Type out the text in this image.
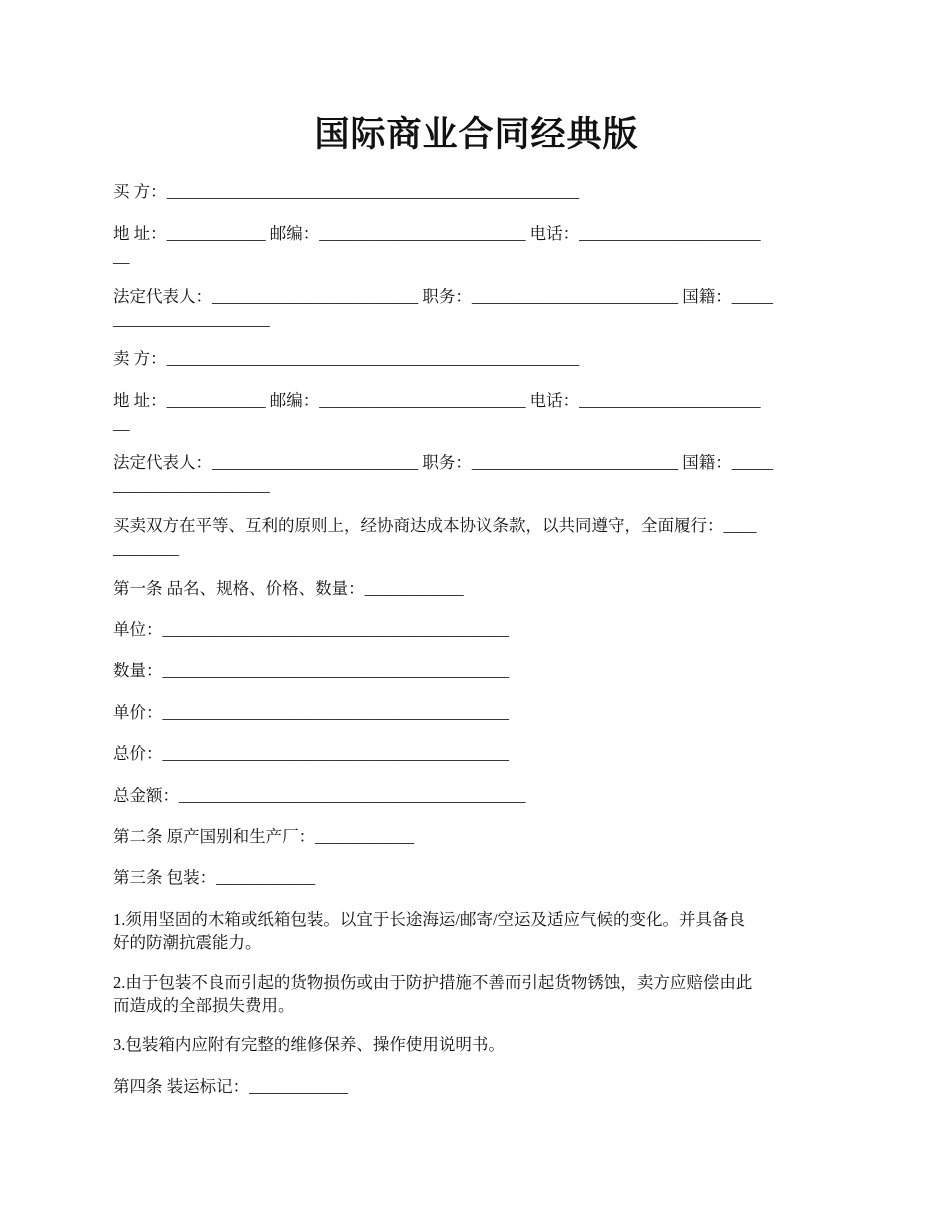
国际商业合同经典版

买 方：__________________________________________________

地 址：____________ 邮编：_________________________ 电话：______________________
__

法定代表人：_________________________ 职务：_________________________ 国籍：_____
___________________

卖 方：__________________________________________________

地 址：____________ 邮编：_________________________ 电话：______________________
__

法定代表人：_________________________ 职务：_________________________ 国籍：_____
___________________

买卖双方在平等、互利的原则上，经协商达成本协议条款，以共同遵守，全面履行：____
________

第一条 品名、规格、价格、数量：____________

单位：__________________________________________

数量：__________________________________________

单价：__________________________________________

总价：__________________________________________

总金额：__________________________________________

第二条 原产国别和生产厂：____________

第三条 包装：____________

1.须用坚固的木箱或纸箱包装。以宜于长途海运/邮寄/空运及适应气候的变化。并具备良
好的防潮抗震能力。

2.由于包装不良而引起的货物损伤或由于防护措施不善而引起货物锈蚀，卖方应赔偿由此
而造成的全部损失费用。

3.包装箱内应附有完整的维修保养、操作使用说明书。

第四条 装运标记：____________
